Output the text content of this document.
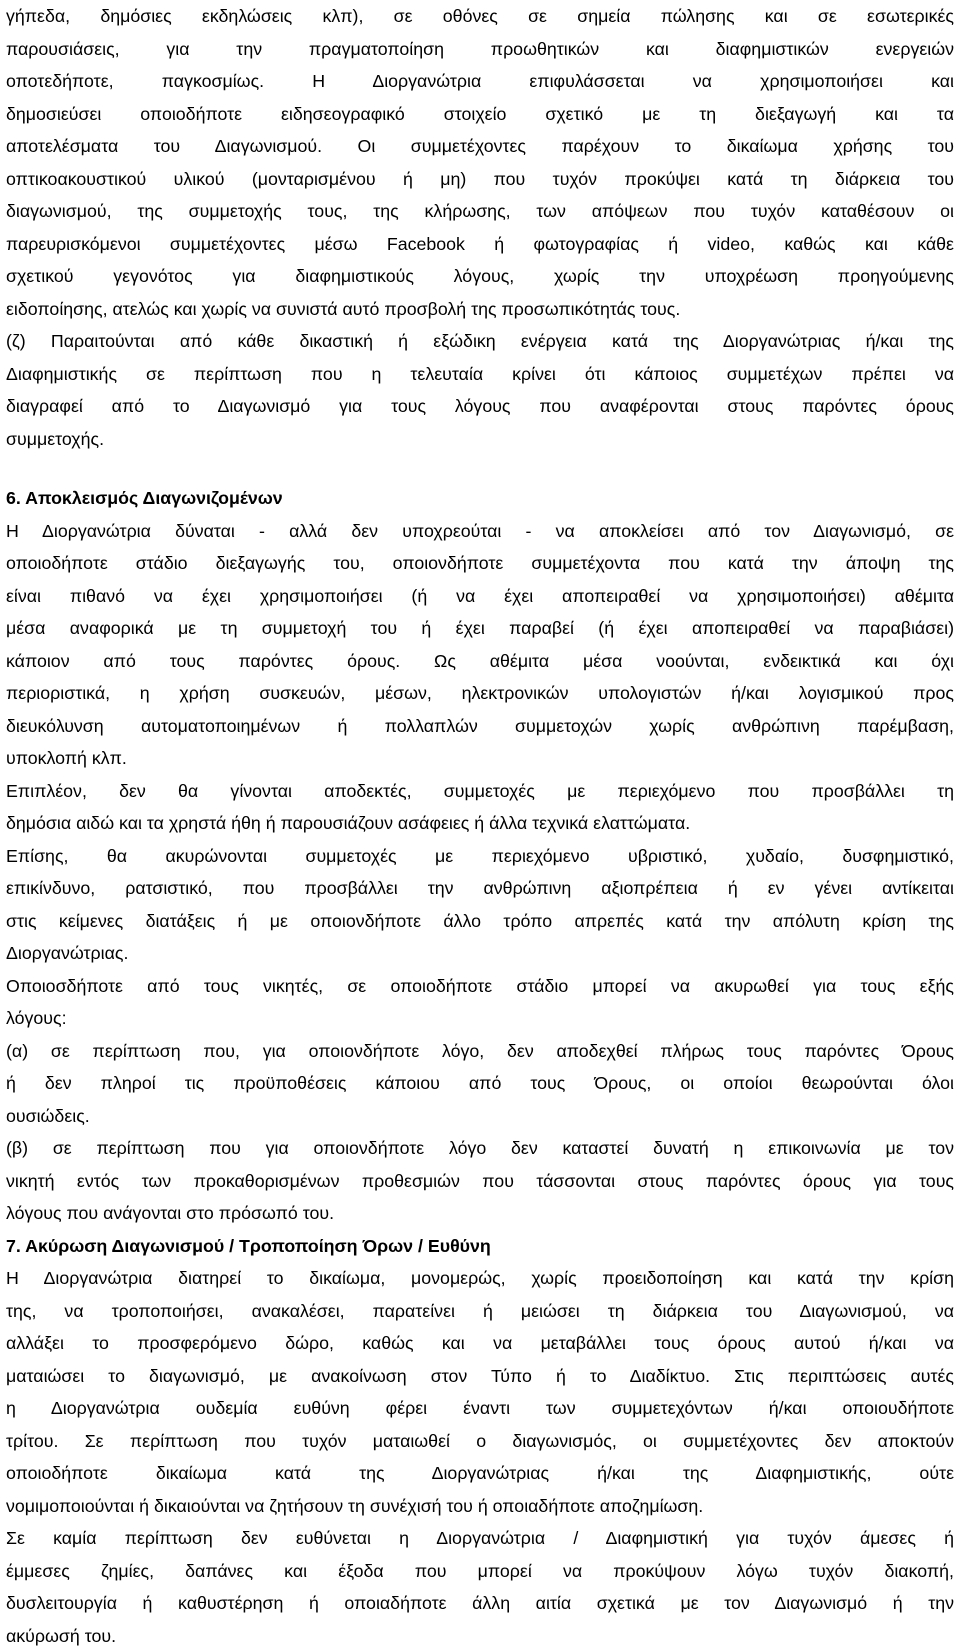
γήπεδα, δημόσιες εκδηλώσεις κλπ), σε οθόνες σε σημεία πώλησης και σε εσωτερικές
παρουσιάσεις, για την πραγματοποίηση προωθητικών και διαφημιστικών ενεργειών
οποτεδήποτε, παγκοσμίως. Η Διοργανώτρια επιφυλάσσεται να χρησιμοποιήσει και
δημοσιεύσει οποιοδήποτε ειδησεογραφικό στοιχείο σχετικό με τη διεξαγωγή και τα
αποτελέσματα του Διαγωνισμού. Οι συμμετέχοντες παρέχουν το δικαίωμα χρήσης του
οπτικοακουστικού υλικού (μονταρισμένου ή μη) που τυχόν προκύψει κατά τη διάρκεια του
διαγωνισμού, της συμμετοχής τους, της κλήρωσης, των απόψεων που τυχόν καταθέσουν οι
παρευρισκόμενοι συμμετέχοντες μέσω Facebook ή φωτογραφίας ή video, καθώς και κάθε
σχετικού γεγονότος για διαφημιστικούς λόγους, χωρίς την υποχρέωση προηγούμενης
ειδοποίησης, ατελώς και χωρίς να συνιστά αυτό προσβολή της προσωπικότητάς τους.
(ζ) Παραιτούνται από κάθε δικαστική ή εξώδικη ενέργεια κατά της Διοργανώτριας ή/και της
Διαφημιστικής σε περίπτωση που η τελευταία κρίνει ότι κάποιος συμμετέχων πρέπει να
διαγραφεί από το Διαγωνισμό για τους λόγους που αναφέρονται στους παρόντες όρους
συμμετοχής.
6. Αποκλεισμός Διαγωνιζομένων
Η Διοργανώτρια δύναται - αλλά δεν υποχρεούται - να αποκλείσει από τον Διαγωνισμό, σε
οποιοδήποτε στάδιο διεξαγωγής του, οποιονδήποτε συμμετέχοντα που κατά την άποψη της
είναι πιθανό να έχει χρησιμοποιήσει (ή να έχει αποπειραθεί να χρησιμοποιήσει) αθέμιτα
μέσα αναφορικά με τη συμμετοχή του ή έχει παραβεί (ή έχει αποπειραθεί να παραβιάσει)
κάποιον από τους παρόντες όρους. Ως αθέμιτα μέσα νοούνται, ενδεικτικά και όχι
περιοριστικά, η χρήση συσκευών, μέσων, ηλεκτρονικών υπολογιστών ή/και λογισμικού προς
διευκόλυνση αυτοματοποιημένων ή πολλαπλών συμμετοχών χωρίς ανθρώπινη παρέμβαση,
υποκλοπή κλπ.
Επιπλέον, δεν θα γίνονται αποδεκτές, συμμετοχές με περιεχόμενο που προσβάλλει τη
δημόσια αιδώ και τα χρηστά ήθη ή παρουσιάζουν ασάφειες ή άλλα τεχνικά ελαττώματα.
Επίσης, θα ακυρώνονται συμμετοχές με περιεχόμενο υβριστικό, χυδαίο, δυσφημιστικό,
επικίνδυνο, ρατσιστικό, που προσβάλλει την ανθρώπινη αξιοπρέπεια ή εν γένει αντίκειται
στις κείμενες διατάξεις ή με οποιονδήποτε άλλο τρόπο απρεπές κατά την απόλυτη κρίση της
Διοργανώτριας.
Οποιοσδήποτε από τους νικητές, σε οποιοδήποτε στάδιο μπορεί να ακυρωθεί για τους εξής
λόγους:
(α) σε περίπτωση που, για οποιονδήποτε λόγο, δεν αποδεχθεί πλήρως τους παρόντες Όρους
ή δεν πληροί τις προϋποθέσεις κάποιου από τους Όρους, οι οποίοι θεωρούνται όλοι
ουσιώδεις.
(β) σε περίπτωση που για οποιονδήποτε λόγο δεν καταστεί δυνατή η επικοινωνία με τον
νικητή εντός των προκαθορισμένων προθεσμιών που τάσσονται στους παρόντες όρους για τους
λόγους που ανάγονται στο πρόσωπό του.
7. Ακύρωση Διαγωνισμού / Τροποποίηση Όρων / Ευθύνη
Η Διοργανώτρια διατηρεί το δικαίωμα, μονομερώς, χωρίς προειδοποίηση και κατά την κρίση
της, να τροποποιήσει, ανακαλέσει, παρατείνει ή μειώσει τη διάρκεια του Διαγωνισμού, να
αλλάξει το προσφερόμενο δώρο, καθώς και να μεταβάλλει τους όρους αυτού ή/και να
ματαιώσει το διαγωνισμό, με ανακοίνωση στον Τύπο ή το Διαδίκτυο. Στις περιπτώσεις αυτές
η Διοργανώτρια ουδεμία ευθύνη φέρει έναντι των συμμετεχόντων ή/και οποιουδήποτε
τρίτου. Σε περίπτωση που τυχόν ματαιωθεί ο διαγωνισμός, οι συμμετέχοντες δεν αποκτούν
οποιοδήποτε δικαίωμα κατά της Διοργανώτριας ή/και της Διαφημιστικής, ούτε
νομιμοποιούνται ή δικαιούνται να ζητήσουν τη συνέχισή του ή οποιαδήποτε αποζημίωση.
Σε καμία περίπτωση δεν ευθύνεται η Διοργανώτρια / Διαφημιστική για τυχόν άμεσες ή
έμμεσες ζημίες, δαπάνες και έξοδα που μπορεί να προκύψουν λόγω τυχόν διακοπή,
δυσλειτουργία ή καθυστέρηση ή οποιαδήποτε άλλη αιτία σχετικά με τον Διαγωνισμό ή την
ακύρωσή του.
